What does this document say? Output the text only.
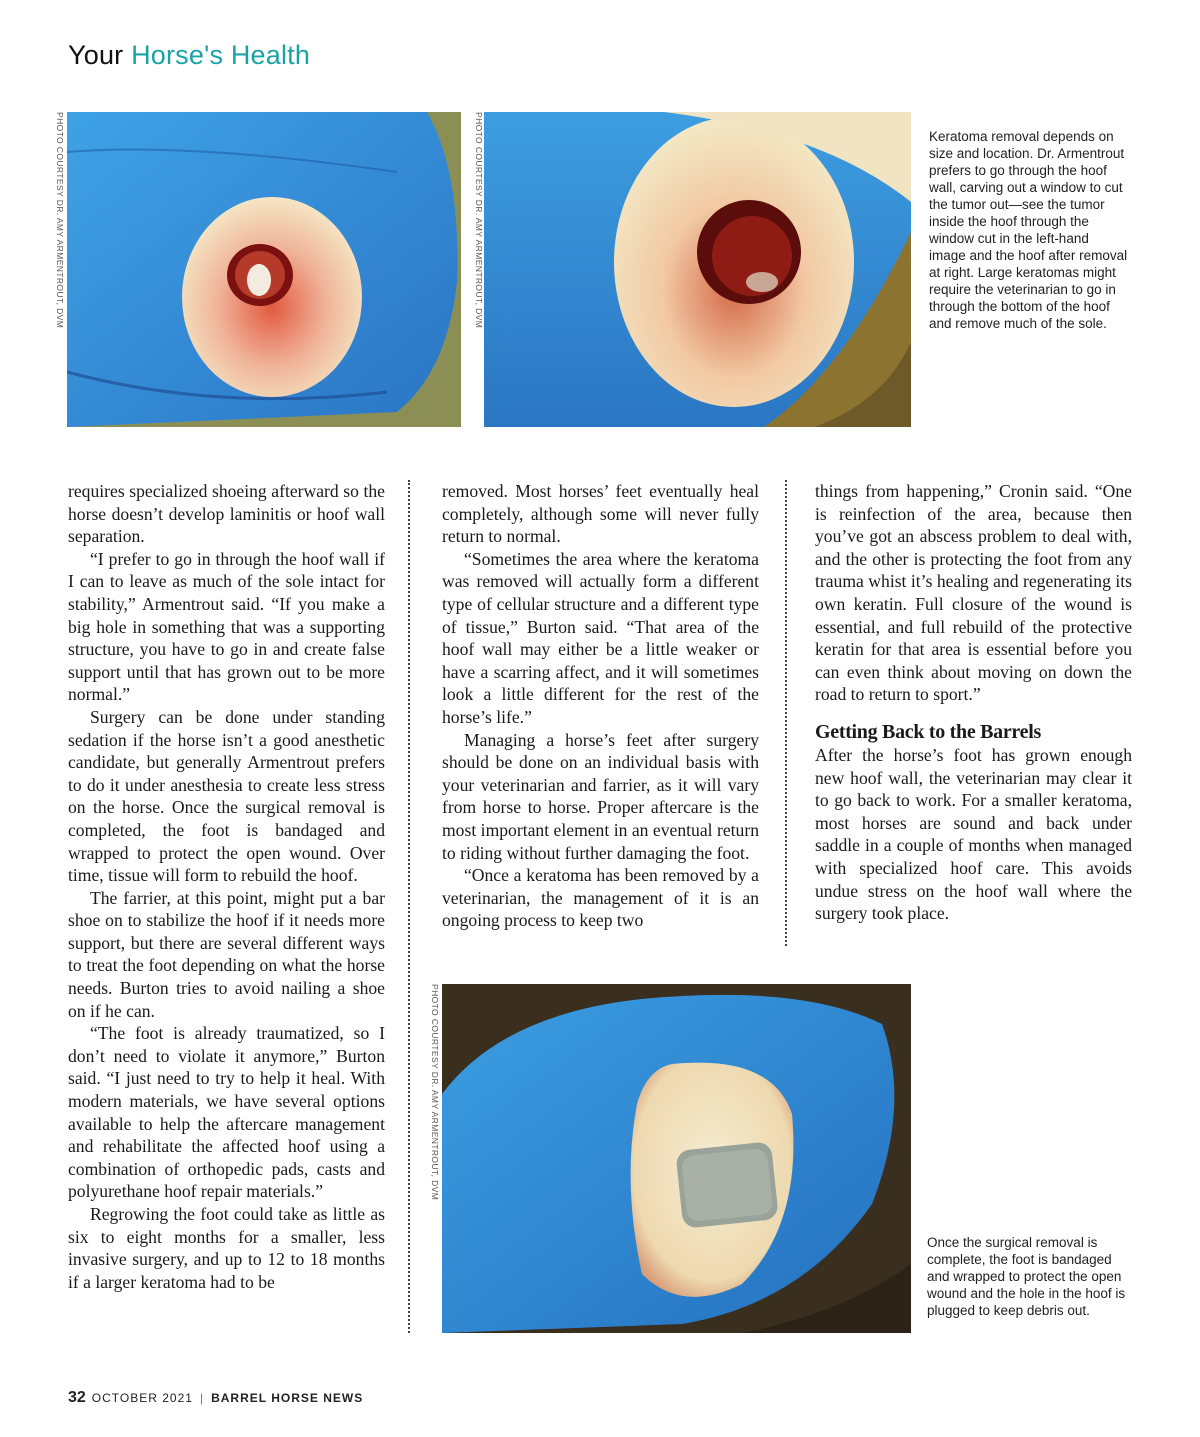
Your Horse's Health
PHOTO COURTESY DR. AMY ARMENTROUT, DVM	PHOTO COURTESY DR. AMY ARMENTROUT, DVM	Keratoma removal depends on size and location. Dr. Armentrout prefers to go through the hoof wall, carving out a window to cut the tumor out—see the tumor inside the hoof through the window cut in the left-hand image and the hoof after removal at right. Large keratomas might require the veterinarian to go in through the bottom of the hoof and remove much of the sole.

requires specialized shoeing afterward so the horse doesn’t develop laminitis or hoof wall separation.

“I prefer to go in through the hoof wall if I can to leave as much of the sole intact for stability,” Armentrout said. “If you make a big hole in something that was a supporting structure, you have to go in and create false support until that has grown out to be more normal.”

Surgery can be done under standing sedation if the horse isn’t a good anesthetic candidate, but generally Armentrout prefers to do it under anesthesia to create less stress on the horse. Once the surgical removal is completed, the foot is bandaged and wrapped to protect the open wound. Over time, tissue will form to rebuild the hoof.

The farrier, at this point, might put a bar shoe on to stabilize the hoof if it needs more support, but there are several different ways to treat the foot depending on what the horse needs. Burton tries to avoid nailing a shoe on if he can.

“The foot is already traumatized, so I don’t need to violate it anymore,” Burton said. “I just need to try to help it heal. With modern materials, we have several options available to help the aftercare management and rehabilitate the affected hoof using a combination of orthopedic pads, casts and polyurethane hoof repair materials.”

Regrowing the foot could take as little as six to eight months for a smaller, less invasive surgery, and up to 12 to 18 months if a larger keratoma had to be

removed. Most horses’ feet eventually heal completely, although some will never fully return to normal.

“Sometimes the area where the keratoma was removed will actually form a different type of cellular structure and a different type of tissue,” Burton said. “That area of the hoof wall may either be a little weaker or have a scarring affect, and it will sometimes look a little different for the rest of the horse’s life.”

Managing a horse’s feet after surgery should be done on an individual basis with your veterinarian and farrier, as it will vary from horse to horse. Proper aftercare is the most important element in an eventual return to riding without further damaging the foot.

“Once a keratoma has been removed by a veterinarian, the management of it is an ongoing process to keep two

things from happening,” Cronin said. “One is reinfection of the area, because then you’ve got an abscess problem to deal with, and the other is protecting the foot from any trauma whist it’s healing and regenerating its own keratin. Full closure of the wound is essential, and full rebuild of the protective keratin for that area is essential before you can even think about moving on down the road to return to sport.”

Getting Back to the Barrels

After the horse’s foot has grown enough new hoof wall, the veterinarian may clear it to go back to work. For a smaller keratoma, most horses are sound and back under saddle in a couple of months when managed with specialized hoof care. This avoids undue stress on the hoof wall where the surgery took place.

PHOTO COURTESY DR. AMY ARMENTROUT, DVM
Once the surgical removal is complete, the foot is bandaged and wrapped to protect the open wound and the hole in the hoof is plugged to keep debris out.
32 OCTOBER 2021 | BARREL HORSE NEWS
